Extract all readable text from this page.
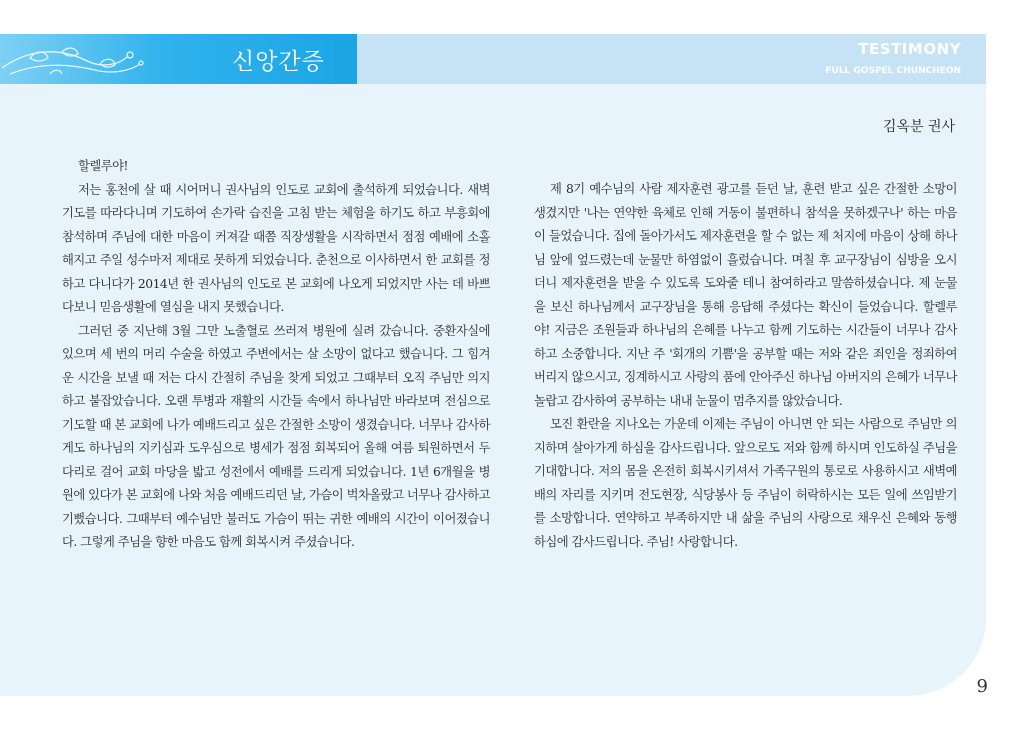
신앙간증	TESTIMONY
FULL GOSPEL CHUNCHEON
김옥분 권사

할렐루야!

저는 홍천에 살 때 시어머니 권사님의 인도로 교회에 출석하게 되었습니다. 새벽기도를 따라다니며 기도하여 손가락 습진을 고침 받는 체험을 하기도 하고 부흥회에 참석하며 주님에 대한 마음이 커져갈 때쯤 직장생활을 시작하면서 점점 예배에 소홀해지고 주일 성수마저 제대로 못하게 되었습니다. 춘천으로 이사하면서 한 교회를 정하고 다니다가 2014년 한 권사님의 인도로 본 교회에 나오게 되었지만 사는 데 바쁘다보니 믿음생활에 열심을 내지 못했습니다.

그러던 중 지난해 3월 그만 노출혈로 쓰러져 병원에 실려 갔습니다. 중환자실에 있으며 세 번의 머리 수술을 하였고 주변에서는 살 소망이 없다고 했습니다. 그 힘겨운 시간을 보낼 때 저는 다시 간절히 주님을 찾게 되었고 그때부터 오직 주님만 의지하고 붙잡았습니다. 오랜 투병과 재활의 시간들 속에서 하나님만 바라보며 전심으로 기도할 때 본 교회에 나가 예배드리고 싶은 간절한 소망이 생겼습니다. 너무나 감사하게도 하나님의 지키심과 도우심으로 병세가 점점 회복되어 올해 여름 퇴원하면서 두 다리로 걸어 교회 마당을 밟고 성전에서 예배를 드리게 되었습니다. 1년 6개월을 병원에 있다가 본 교회에 나와 처음 예배드리던 날, 가슴이 벅차올랐고 너무나 감사하고 기뻤습니다. 그때부터 예수님만 불러도 가슴이 뛰는 귀한 예배의 시간이 이어졌습니다. 그렇게 주님을 향한 마음도 함께 회복시켜 주셨습니다.

제 8기 예수님의 사람 제자훈련 광고를 듣던 날, 훈련 받고 싶은 간절한 소망이 생겼지만 '나는 연약한 육체로 인해 거동이 불편하니 참석을 못하겠구나' 하는 마음이 들었습니다. 집에 돌아가서도 제자훈련을 할 수 없는 제 처지에 마음이 상해 하나님 앞에 엎드렸는데 눈물만 하염없이 흘렀습니다. 며칠 후 교구장님이 심방을 오시더니 제자훈련을 받을 수 있도록 도와줄 테니 참여하라고 말씀하셨습니다. 제 눈물을 보신 하나님께서 교구장님을 통해 응답해 주셨다는 확신이 들었습니다. 할렐루야! 지금은 조원들과 하나님의 은혜를 나누고 함께 기도하는 시간들이 너무나 감사하고 소중합니다. 지난 주 '회개의 기쁨'을 공부할 때는 저와 같은 죄인을 정죄하여 버리지 않으시고, 징계하시고 사랑의 품에 안아주신 하나님 아버지의 은혜가 너무나 놀랍고 감사하여 공부하는 내내 눈물이 멈추지를 않았습니다.

모진 환란을 지나오는 가운데 이제는 주님이 아니면 안 되는 사람으로 주님만 의지하며 살아가게 하심을 감사드립니다. 앞으로도 저와 함께 하시며 인도하실 주님을 기대합니다. 저의 몸을 온전히 회복시키셔서 가족구원의 통로로 사용하시고 새벽예배의 자리를 지키며 전도현장, 식당봉사 등 주님이 허락하시는 모든 일에 쓰임받기를 소망합니다. 연약하고 부족하지만 내 삶을 주님의 사랑으로 채우신 은혜와 동행하심에 감사드립니다. 주님! 사랑합니다.

9
